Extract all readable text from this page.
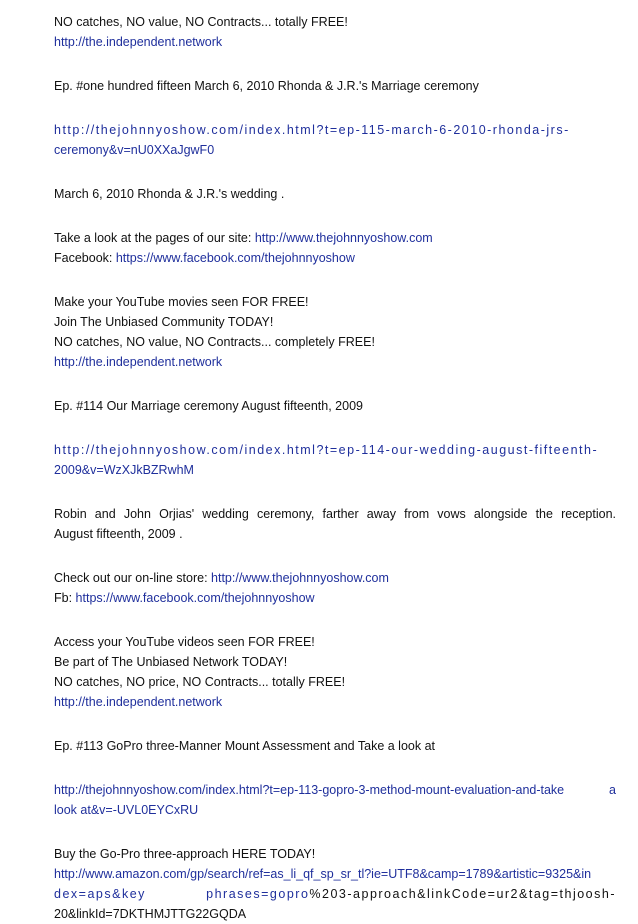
NO catches, NO value, NO Contracts... totally FREE!
http://the.independent.network
Ep. #one hundred fifteen March 6, 2010 Rhonda & J.R.'s Marriage ceremony
http://thejohnnyoshow.com/index.html?t=ep-115-march-6-2010-rhonda-jrs-
ceremony&v=nU0XXaJgwF0
March 6, 2010 Rhonda & J.R.'s wedding .
Take a look at the pages of our site: http://www.thejohnnyoshow.com
Facebook: https://www.facebook.com/thejohnnyoshow
Make your YouTube movies seen FOR FREE!
Join The Unbiased Community TODAY!
NO catches, NO value, NO Contracts... completely FREE!
http://the.independent.network
Ep. #114 Our Marriage ceremony August fifteenth, 2009
http://thejohnnyoshow.com/index.html?t=ep-114-our-wedding-august-fifteenth-
2009&v=WzXJkBZRwhM
Robin and John Orjias' wedding ceremony, farther away from vows alongside the reception.
August fifteenth, 2009 .
Check out our on-line store: http://www.thejohnnyoshow.com
Fb: https://www.facebook.com/thejohnnyoshow
Access your YouTube videos seen FOR FREE!
Be part of The Unbiased Network TODAY!
NO catches, NO price, NO Contracts... totally FREE!
http://the.independent.network
Ep. #113 GoPro three-Manner Mount Assessment and Take a look at
http://thejohnnyoshow.com/index.html?t=ep-113-gopro-3-method-mount-evaluation-and-take a
look at&v=-UVL0EYCxRU
Buy the Go-Pro three-approach HERE TODAY!
http://www.amazon.com/gp/search/ref=as_li_qf_sp_sr_tl?ie=UTF8&camp=1789&artistic=9325&in
dex=aps&key phrases=gopro%203-approach&linkCode=ur2&tag=thjoosh-
20&linkId=7DKTHMJTTG22GQDA
